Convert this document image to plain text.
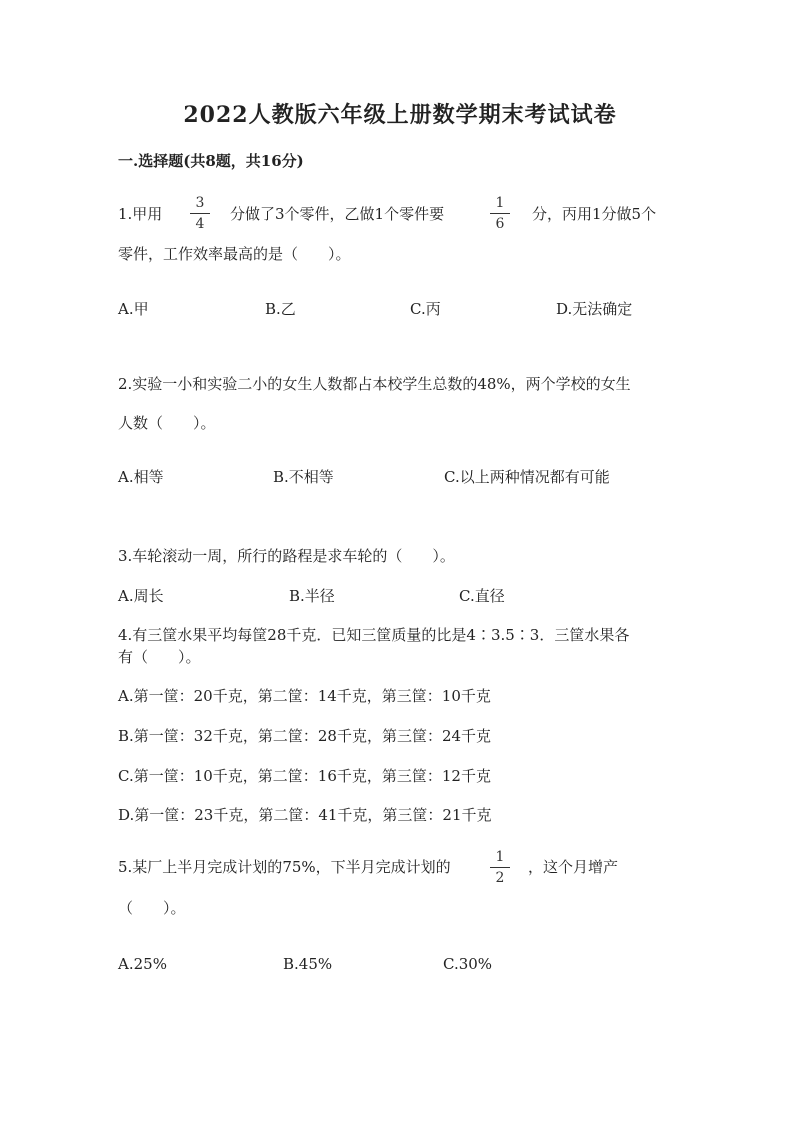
2022人教版六年级上册数学期末考试试卷
一.选择题(共8题，共16分)
1.甲用
3
4
分做了3个零件，乙做1个零件要
1
6
分，丙用1分做5个
零件，工作效率最高的是（　　）。
A.甲	B.乙	C.丙	D.无法确定
2.实验一小和实验二小的女生人数都占本校学生总数的48%，两个学校的女生
人数（　　）。
A.相等	B.不相等	C.以上两种情况都有可能
3.车轮滚动一周，所行的路程是求车轮的（　　）。
A.周长	B.半径	C.直径
4.有三筐水果平均每筐28千克．已知三筐质量的比是4∶3.5∶3．三筐水果各
有（　　）。
A.第一筐：20千克，第二筐：14千克，第三筐：10千克
B.第一筐：32千克，第二筐：28千克，第三筐：24千克
C.第一筐：10千克，第二筐：16千克，第三筐：12千克
D.第一筐：23千克，第二筐：41千克，第三筐：21千克
5.某厂上半月完成计划的75%，下半月完成计划的
1
2
，这个月增产
（　　）。
A.25%	B.45%	C.30%
